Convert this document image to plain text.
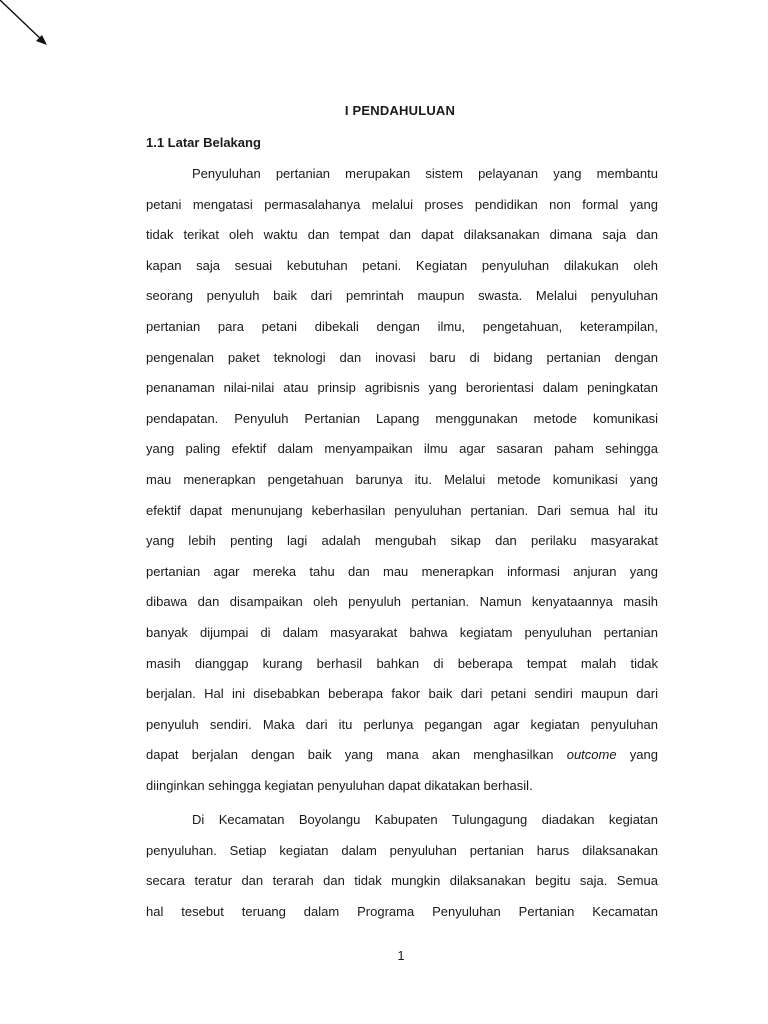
I PENDAHULUAN
1.1 Latar Belakang
Penyuluhan pertanian merupakan sistem pelayanan yang membantu
petani mengatasi permasalahanya melalui proses pendidikan non formal yang
tidak terikat oleh waktu dan tempat dan dapat dilaksanakan dimana saja dan
kapan saja sesuai kebutuhan petani. Kegiatan penyuluhan dilakukan oleh
seorang penyuluh baik dari pemrintah maupun swasta. Melalui penyuluhan
pertanian para petani dibekali dengan ilmu, pengetahuan, keterampilan,
pengenalan paket teknologi dan inovasi baru di bidang pertanian dengan
penanaman nilai-nilai atau prinsip agribisnis yang berorientasi dalam peningkatan
pendapatan. Penyuluh Pertanian Lapang menggunakan metode komunikasi
yang paling efektif dalam menyampaikan ilmu agar sasaran paham sehingga
mau menerapkan pengetahuan barunya itu. Melalui metode komunikasi yang
efektif dapat menunujang keberhasilan penyuluhan pertanian. Dari semua hal itu
yang lebih penting lagi adalah mengubah sikap dan perilaku masyarakat
pertanian agar mereka tahu dan mau menerapkan informasi anjuran yang
dibawa dan disampaikan oleh penyuluh pertanian. Namun kenyataannya masih
banyak dijumpai di dalam masyarakat bahwa kegiatam penyuluhan pertanian
masih dianggap kurang berhasil bahkan di beberapa tempat malah tidak
berjalan. Hal ini disebabkan beberapa fakor baik dari petani sendiri maupun dari
penyuluh sendiri. Maka dari itu perlunya pegangan agar kegiatan penyuluhan
dapat berjalan dengan baik yang mana akan menghasilkan outcome yang
diinginkan sehingga kegiatan penyuluhan dapat dikatakan berhasil.
Di Kecamatan Boyolangu Kabupaten Tulungagung diadakan kegiatan
penyuluhan. Setiap kegiatan dalam penyuluhan pertanian harus dilaksanakan
secara teratur dan terarah dan tidak mungkin dilaksanakan begitu saja. Semua
hal tesebut teruang dalam Programa Penyuluhan Pertanian Kecamatan
1
